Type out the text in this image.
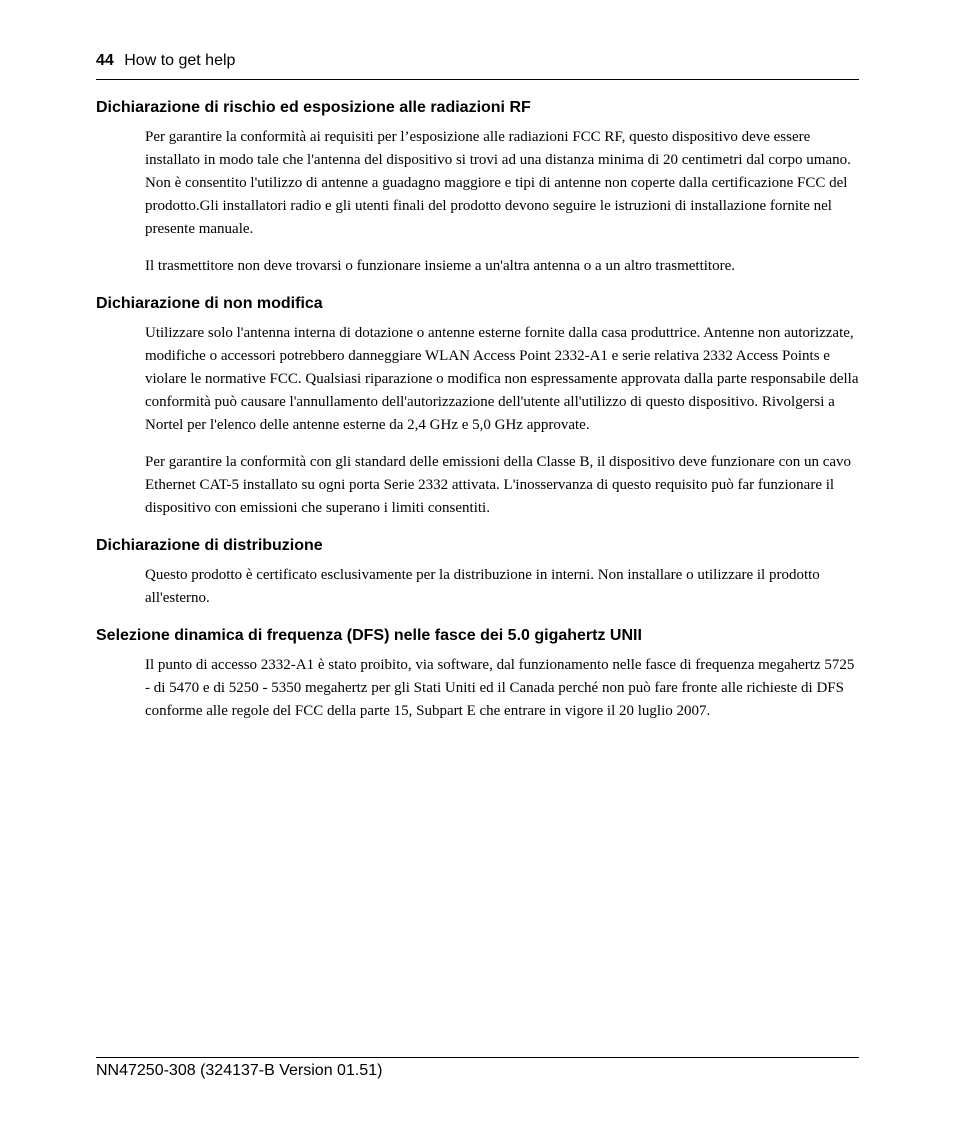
44 How to get help
Dichiarazione di rischio ed esposizione alle radiazioni RF

Per garantire la conformità ai requisiti per l’esposizione alle radiazioni FCC RF, questo dispositivo deve essere installato in modo tale che l'antenna del dispositivo si trovi ad una distanza minima di 20 centimetri dal corpo umano. Non è consentito l'utilizzo di antenne a guadagno maggiore e tipi di antenne non coperte dalla certificazione FCC del prodotto.Gli installatori radio e gli utenti finali del prodotto devono seguire le istruzioni di installazione fornite nel presente manuale.

Il trasmettitore non deve trovarsi o funzionare insieme a un'altra antenna o a un altro trasmettitore.

Dichiarazione di non modifica

Utilizzare solo l'antenna interna di dotazione o antenne esterne fornite dalla casa produttrice. Antenne non autorizzate, modifiche o accessori potrebbero danneggiare WLAN Access Point 2332-A1 e serie relativa 2332 Access Points e violare le normative FCC. Qualsiasi riparazione o modifica non espressamente approvata dalla parte responsabile della conformità può causare l'annullamento dell'autorizzazione dell'utente all'utilizzo di questo dispositivo. Rivolgersi a Nortel per l'elenco delle antenne esterne da 2,4 GHz e 5,0 GHz approvate.

Per garantire la conformità con gli standard delle emissioni della Classe B, il dispositivo deve funzionare con un cavo Ethernet CAT-5 installato su ogni porta Serie 2332 attivata. L'inosservanza di questo requisito può far funzionare il dispositivo con emissioni che superano i limiti consentiti.

Dichiarazione di distribuzione

Questo prodotto è certificato esclusivamente per la distribuzione in interni. Non installare o utilizzare il prodotto all'esterno.

Selezione dinamica di frequenza (DFS) nelle fasce dei 5.0 gigahertz UNII

Il punto di accesso 2332-A1 è stato proibito, via software, dal funzionamento nelle fasce di frequenza megahertz 5725 - di 5470 e di 5250 - 5350 megahertz per gli Stati Uniti ed il Canada perché non può fare fronte alle richieste di DFS conforme alle regole del FCC della parte 15, Subpart E che entrare in vigore il 20 luglio 2007.

NN47250-308 (324137-B Version 01.51)
